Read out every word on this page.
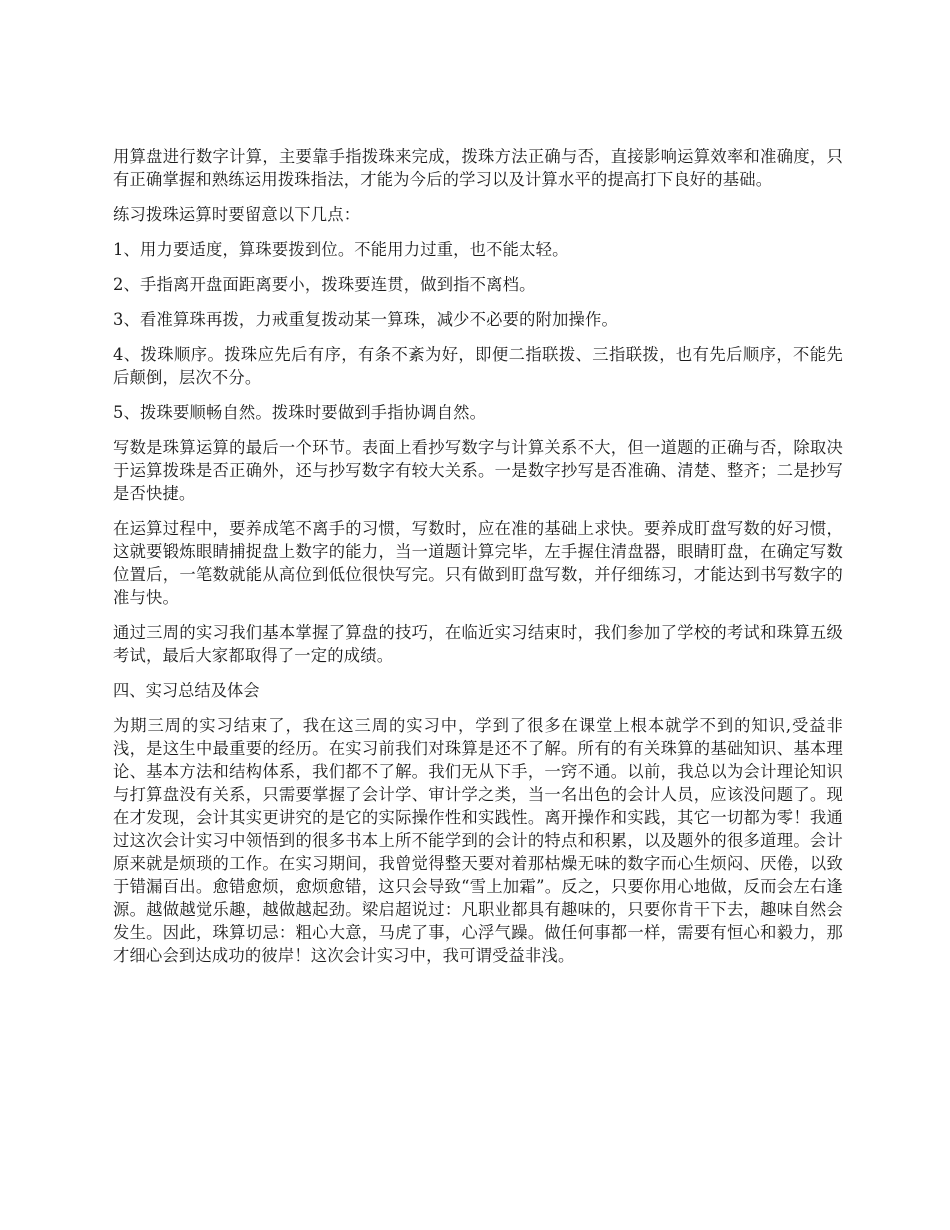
用算盘进行数字计算，主要靠手指拨珠来完成，拨珠方法正确与否，直接影响运算效率和准确度，只有正确掌握和熟练运用拨珠指法，才能为今后的学习以及计算水平的提高打下良好的基础。

练习拨珠运算时要留意以下几点：

1、用力要适度，算珠要拨到位。不能用力过重，也不能太轻。

2、手指离开盘面距离要小，拨珠要连贯，做到指不离档。

3、看准算珠再拨，力戒重复拨动某一算珠，减少不必要的附加操作。

4、拨珠顺序。拨珠应先后有序，有条不紊为好，即便二指联拨、三指联拨，也有先后顺序，不能先后颠倒，层次不分。

5、拨珠要顺畅自然。拨珠时要做到手指协调自然。

写数是珠算运算的最后一个环节。表面上看抄写数字与计算关系不大，但一道题的正确与否，除取决于运算拨珠是否正确外，还与抄写数字有较大关系。一是数字抄写是否准确、清楚、整齐；二是抄写是否快捷。

在运算过程中，要养成笔不离手的习惯，写数时，应在准的基础上求快。要养成盯盘写数的好习惯，这就要锻炼眼睛捕捉盘上数字的能力，当一道题计算完毕，左手握住清盘器，眼睛盯盘，在确定写数位置后，一笔数就能从高位到低位很快写完。只有做到盯盘写数，并仔细练习，才能达到书写数字的准与快。

通过三周的实习我们基本掌握了算盘的技巧，在临近实习结束时，我们参加了学校的考试和珠算五级考试，最后大家都取得了一定的成绩。

四、实习总结及体会

为期三周的实习结束了，我在这三周的实习中，学到了很多在课堂上根本就学不到的知识,受益非浅，是这生中最重要的经历。在实习前我们对珠算是还不了解。所有的有关珠算的基础知识、基本理论、基本方法和结构体系，我们都不了解。我们无从下手，一窍不通。以前，我总以为会计理论知识与打算盘没有关系，只需要掌握了会计学、审计学之类，当一名出色的会计人员，应该没问题了。现在才发现，会计其实更讲究的是它的实际操作性和实践性。离开操作和实践，其它一切都为零！我通过这次会计实习中领悟到的很多书本上所不能学到的会计的特点和积累，以及题外的很多道理。会计原来就是烦琐的工作。在实习期间，我曾觉得整天要对着那枯燥无味的数字而心生烦闷、厌倦，以致于错漏百出。愈错愈烦，愈烦愈错，这只会导致“雪上加霜”。反之，只要你用心地做，反而会左右逢源。越做越觉乐趣，越做越起劲。梁启超说过：凡职业都具有趣味的，只要你肯干下去，趣味自然会发生。因此，珠算切忌：粗心大意，马虎了事，心浮气躁。做任何事都一样，需要有恒心和毅力，那才细心会到达成功的彼岸！这次会计实习中，我可谓受益非浅。
